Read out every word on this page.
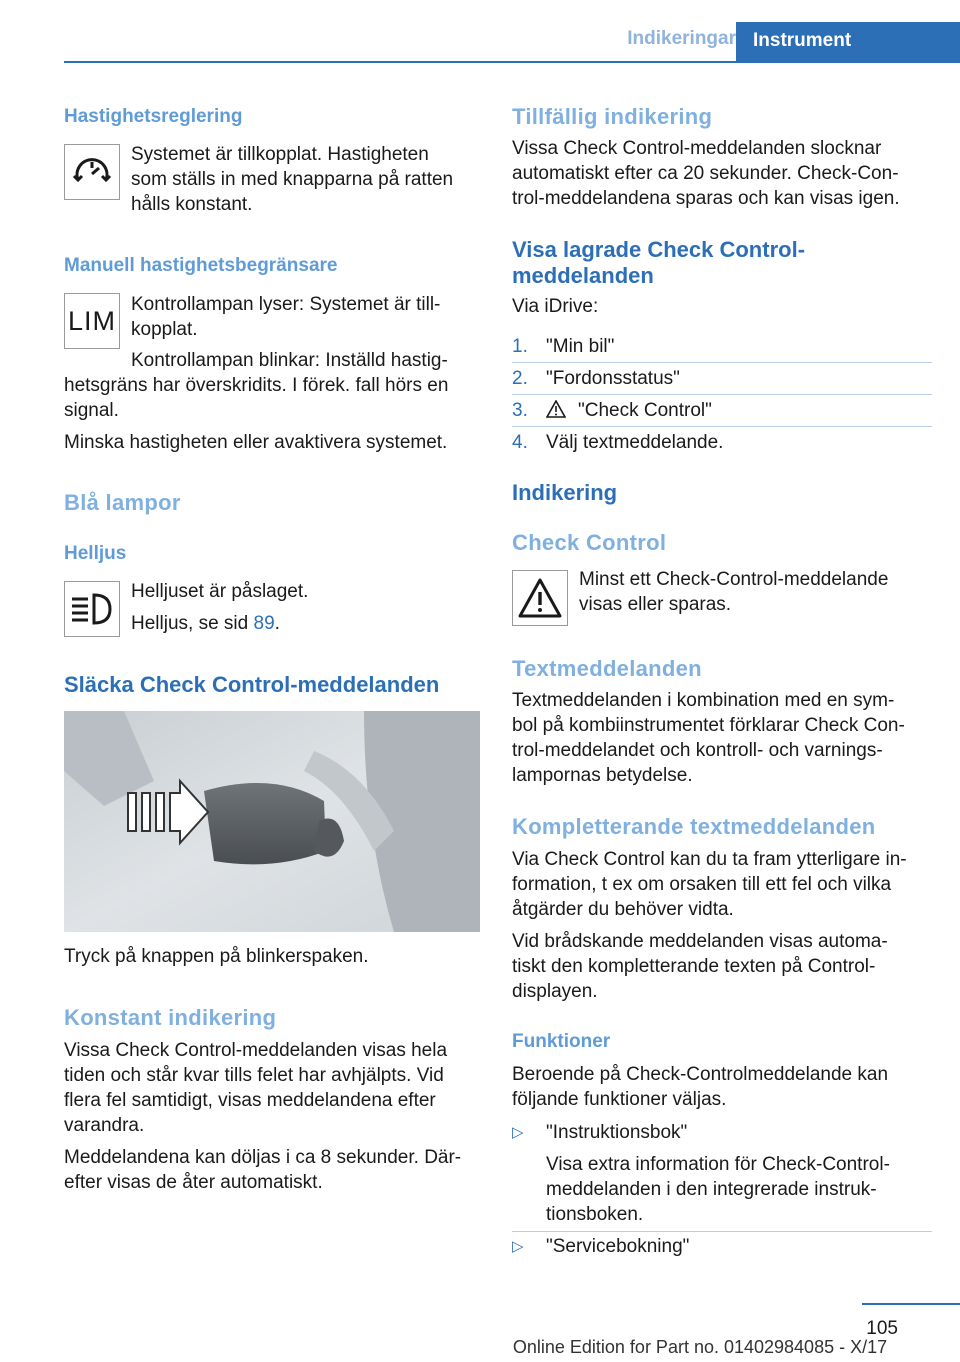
Indikeringar Instrument
Hastighetsreglering
Systemet är tillkopplat. Hastigheten
som ställs in med knapparna på ratten
hålls konstant.
Manuell hastighetsbegränsare
LIM
Kontrollampan lyser: Systemet är till‐
kopplat.
Kontrollampan blinkar: Inställd hastig‐
hetsgräns har överskridits. I förek. fall hörs en
signal.
Minska hastigheten eller avaktivera systemet.
Blå lampor
Helljus
Helljuset är påslaget.
Helljus, se sid 89.
Släcka Check Control-meddelanden
Tryck på knappen på blinkerspaken.
Konstant indikering
Vissa Check Control-meddelanden visas hela
tiden och står kvar tills felet har avhjälpts. Vid
flera fel samtidigt, visas meddelandena efter
varandra.
Meddelandena kan döljas i ca 8 sekunder. Där‐
efter visas de åter automatiskt.
Tillfällig indikering
Vissa Check Control-meddelanden slocknar
automatiskt efter ca 20 sekunder. Check-Con‐
trol-meddelandena sparas och kan visas igen.
Visa lagrade Check Control-
meddelanden
Via iDrive:
1. "Min bil"
2. "Fordonsstatus"
3.	"Check Control"
4. Välj textmeddelande.
Indikering
Check Control
Minst ett Check-Control-meddelande
visas eller sparas.
Textmeddelanden
Textmeddelanden i kombination med en sym‐
bol på kombiinstrumentet förklarar Check Con‐
trol-meddelandet och kontroll- och varnings‐
lampornas betydelse.
Kompletterande textmeddelanden
Via Check Control kan du ta fram ytterligare in‐
formation, t ex om orsaken till ett fel och vilka
åtgärder du behöver vidta.
Vid brådskande meddelanden visas automa‐
tiskt den kompletterande texten på Control-
displayen.
Funktioner
Beroende på Check-Controlmeddelande kan
följande funktioner väljas.
▷ "Instruktionsbok"
Visa extra information för Check-Control-
meddelanden i den integrerade instruk‐
tionsboken.
▷ "Servicebokning"
105
Online Edition for Part no. 01402984085 - X/17
